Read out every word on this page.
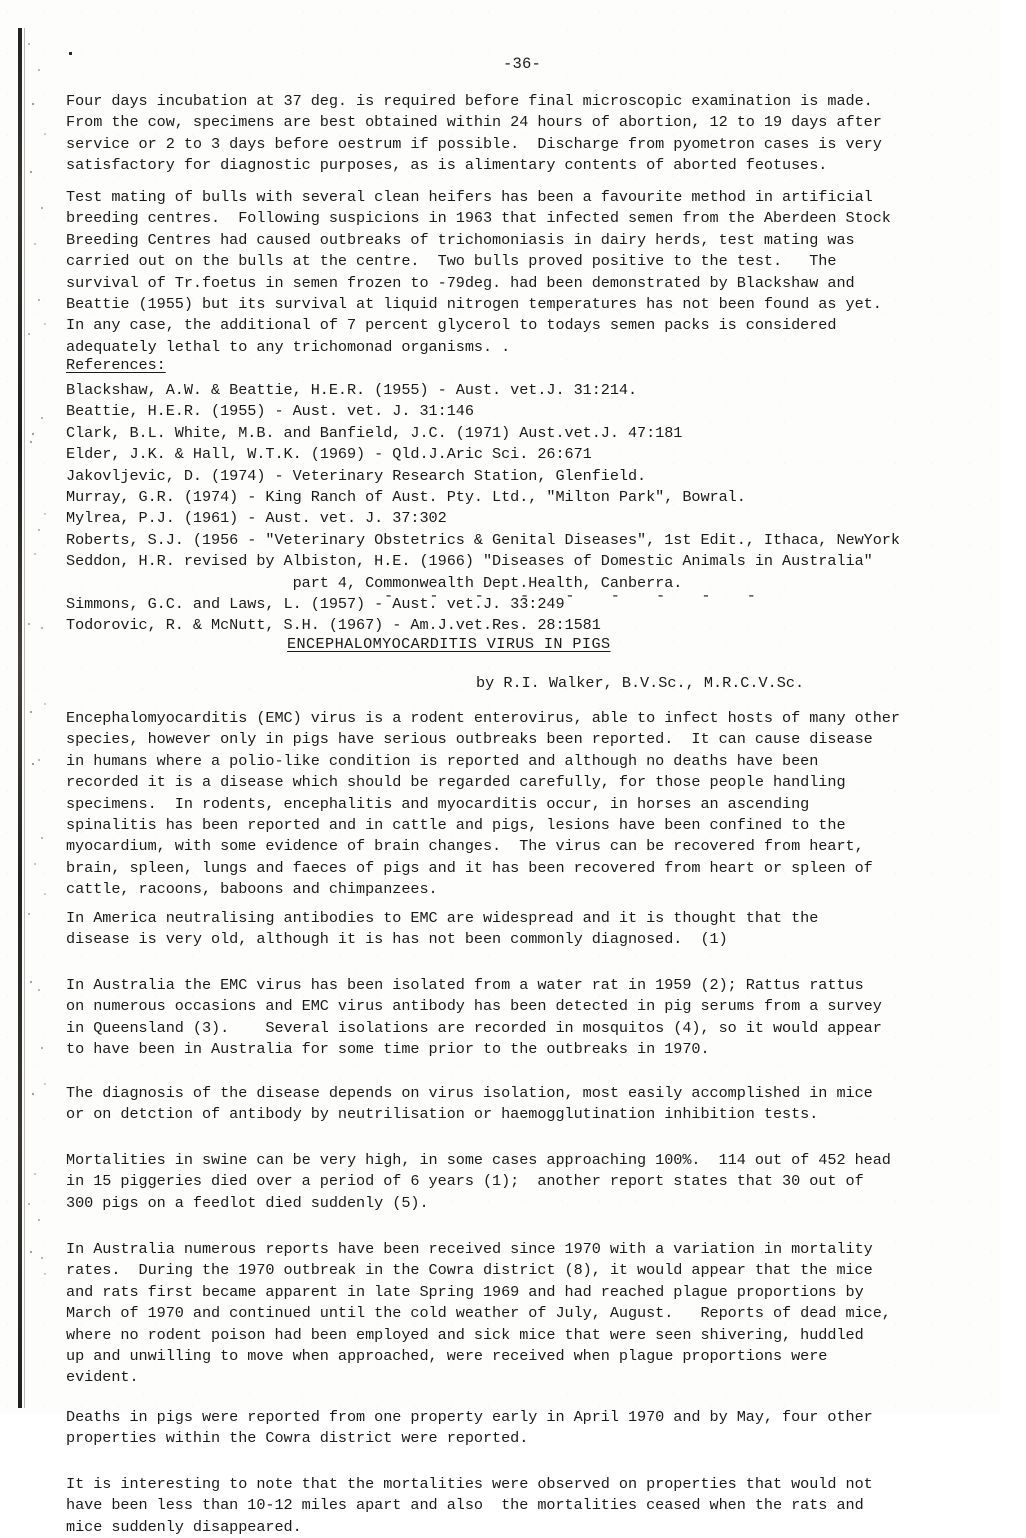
-36-
Four days incubation at 37 deg. is required before final microscopic examination is made.
From the cow, specimens are best obtained within 24 hours of abortion, 12 to 19 days after
service or 2 to 3 days before oestrum if possible.  Discharge from pyometron cases is very
satisfactory for diagnostic purposes, as is alimentary contents of aborted feotuses.
Test mating of bulls with several clean heifers has been a favourite method in artificial
breeding centres.  Following suspicions in 1963 that infected semen from the Aberdeen Stock
Breeding Centres had caused outbreaks of trichomoniasis in dairy herds, test mating was
carried out on the bulls at the centre.  Two bulls proved positive to the test.   The
survival of Tr.foetus in semen frozen to -79deg. had been demonstrated by Blackshaw and
Beattie (1955) but its survival at liquid nitrogen temperatures has not been found as yet.
In any case, the additional of 7 percent glycerol to todays semen packs is considered
adequately lethal to any trichomonad organisms. .
References:
Blackshaw, A.W. & Beattie, H.E.R. (1955) - Aust. vet.J. 31:214.
Beattie, H.E.R. (1955) - Aust. vet. J. 31:146
Clark, B.L. White, M.B. and Banfield, J.C. (1971) Aust.vet.J. 47:181
Elder, J.K. & Hall, W.T.K. (1969) - Qld.J.Aric Sci. 26:671
Jakovljevic, D. (1974) - Veterinary Research Station, Glenfield.
Murray, G.R. (1974) - King Ranch of Aust. Pty. Ltd., "Milton Park", Bowral.
Mylrea, P.J. (1961) - Aust. vet. J. 37:302
Roberts, S.J. (1956 - "Veterinary Obstetrics & Genital Diseases", 1st Edit., Ithaca, NewYork
Seddon, H.R. revised by Albiston, H.E. (1966) "Diseases of Domestic Animals in Australia"
part 4, Commonwealth Dept.Health, Canberra.
Simmons, G.C. and Laws, L. (1957) - Aust. vet.J. 33:249
Todorovic, R. & McNutt, S.H. (1967) - Am.J.vet.Res. 28:1581
-  -  -  -  -  -  -  -  -
ENCEPHALOMYOCARDITIS VIRUS IN PIGS
by R.I. Walker, B.V.Sc., M.R.C.V.Sc.
Encephalomyocarditis (EMC) virus is a rodent enterovirus, able to infect hosts of many other
species, however only in pigs have serious outbreaks been reported.  It can cause disease
in humans where a polio-like condition is reported and although no deaths have been
recorded it is a disease which should be regarded carefully, for those people handling
specimens.  In rodents, encephalitis and myocarditis occur, in horses an ascending
spinalitis has been reported and in cattle and pigs, lesions have been confined to the
myocardium, with some evidence of brain changes.  The virus can be recovered from heart,
brain, spleen, lungs and faeces of pigs and it has been recovered from heart or spleen of
cattle, racoons, baboons and chimpanzees.
In America neutralising antibodies to EMC are widespread and it is thought that the
disease is very old, although it is has not been commonly diagnosed.  (1)
In Australia the EMC virus has been isolated from a water rat in 1959 (2); Rattus rattus
on numerous occasions and EMC virus antibody has been detected in pig serums from a survey
in Queensland (3).    Several isolations are recorded in mosquitos (4), so it would appear
to have been in Australia for some time prior to the outbreaks in 1970.
The diagnosis of the disease depends on virus isolation, most easily accomplished in mice
or on detction of antibody by neutrilisation or haemogglutination inhibition tests.
Mortalities in swine can be very high, in some cases approaching 100%.  114 out of 452 head
in 15 piggeries died over a period of 6 years (1);  another report states that 30 out of
300 pigs on a feedlot died suddenly (5).
In Australia numerous reports have been received since 1970 with a variation in mortality
rates.  During the 1970 outbreak in the Cowra district (8), it would appear that the mice
and rats first became apparent in late Spring 1969 and had reached plague proportions by
March of 1970 and continued until the cold weather of July, August.   Reports of dead mice,
where no rodent poison had been employed and sick mice that were seen shivering, huddled
up and unwilling to move when approached, were received when plague proportions were
evident.
Deaths in pigs were reported from one property early in April 1970 and by May, four other
properties within the Cowra district were reported.
It is interesting to note that the mortalities were observed on properties that would not
have been less than 10-12 miles apart and also  the mortalities ceased when the rats and
mice suddenly disappeared.
